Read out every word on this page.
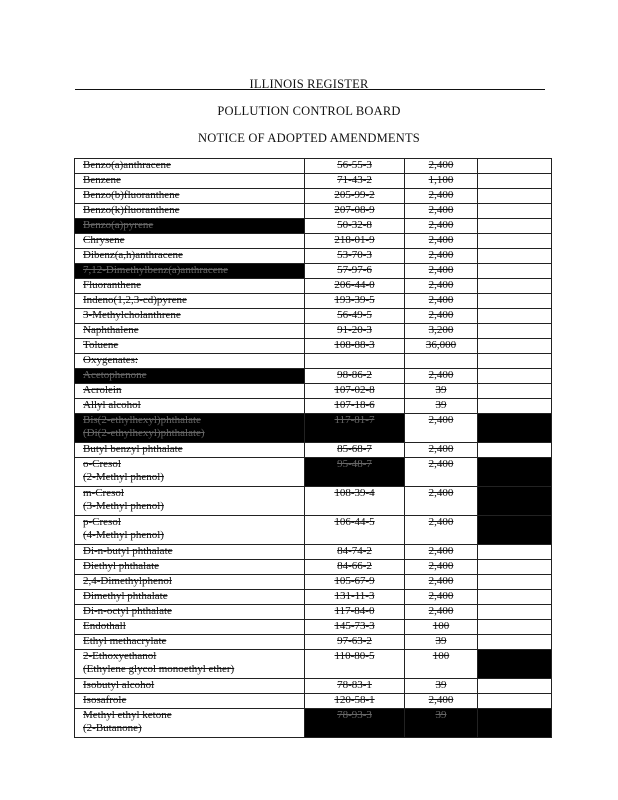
ILLINOIS REGISTER
POLLUTION CONTROL BOARD
NOTICE OF ADOPTED AMENDMENTS
Benzo(a)anthracene	56-55-3	2,400	
Benzene	71-43-2	1,100	
Benzo(b)fluoranthene	205-99-2	2,400	
Benzo(k)fluoranthene	207-08-9	2,400	
Benzo(a)pyrene	50-32-8	2,400	
Chrysene	218-01-9	2,400	
Dibenz(a,h)anthracene	53-70-3	2,400	
7,12-Dimethylbenz(a)anthracene	57-97-6	2,400	
Fluoranthene	206-44-0	2,400	
Indeno(1,2,3-cd)pyrene	193-39-5	2,400	
3-Methylcholanthrene	56-49-5	2,400	
Naphthalene	91-20-3	3,200	
Toluene	108-88-3	36,000	
Oxygenates:			
Acetophenone	98-86-2	2,400	
Acrolein	107-02-8	39	
Allyl alcohol	107-18-6	39	
Bis(2-ethylhexyl)phthalate
(Di(2-ethylhexyl)phthalate)	117-81-7	2,400	
Butyl benzyl phthalate	85-68-7	2,400	
o-Cresol
(2-Methyl phenol)	95-48-7	2,400	
m-Cresol
(3-Methyl phenol)	108-39-4	2,400	
p-Cresol
(4-Methyl phenol)	106-44-5	2,400	
Di-n-butyl phthalate	84-74-2	2,400	
Diethyl phthalate	84-66-2	2,400	
2,4-Dimethylphenol	105-67-9	2,400	
Dimethyl phthalate	131-11-3	2,400	
Di-n-octyl phthalate	117-84-0	2,400	
Endothall	145-73-3	100	
Ethyl methacrylate	97-63-2	39	
2-Ethoxyethanol
(Ethylene glycol monoethyl ether)	110-80-5	100	
Isobutyl alcohol	78-83-1	39	
Isosafrole	120-58-1	2,400	
Methyl ethyl ketone
(2-Butanone)	78-93-3	39	
